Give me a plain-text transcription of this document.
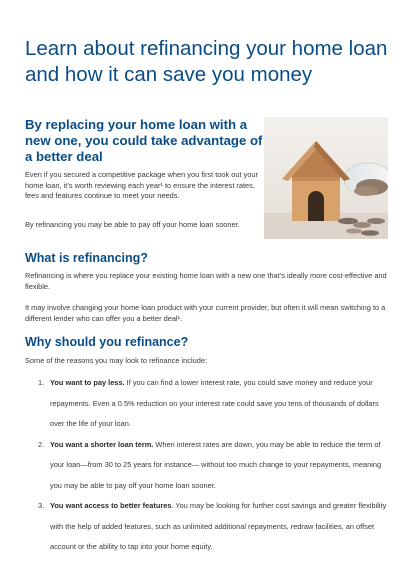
Learn about refinancing your home loan and how it can save you money
By replacing your home loan with a new one, you could take advantage of a better deal

Even if you secured a competitive package when you first took out your home loan, it’s worth reviewing each year¹ to ensure the interest rates, fees and features continue to meet your needs.

By refinancing you may be able to pay off your home loan sooner.

What is refinancing?

Refinancing is where you replace your existing home loan with a new one that’s ideally more cost-effective and flexible.

It may involve changing your home loan product with your current provider, but often it will mean switching to a different lender who can offer you a better deal¹.

Why should you refinance?

Some of the reasons you may look to refinance include:

1. You want to pay less. If you can find a lower interest rate, you could save money and reduce your repayments. Even a 0.5% reduction on your interest rate could save you tens of thousands of dollars over the life of your loan.
2. You want a shorter loan term. When interest rates are down, you may be able to reduce the term of your loan—from 30 to 25 years for instance— without too much change to your repayments, meaning you may be able to pay off your home loan sooner.
3. You want access to better features. You may be looking for further cost savings and greater flexibility with the help of added features, such as unlimited additional repayments, redraw facilities, an offset account or the ability to tap into your home equity.
